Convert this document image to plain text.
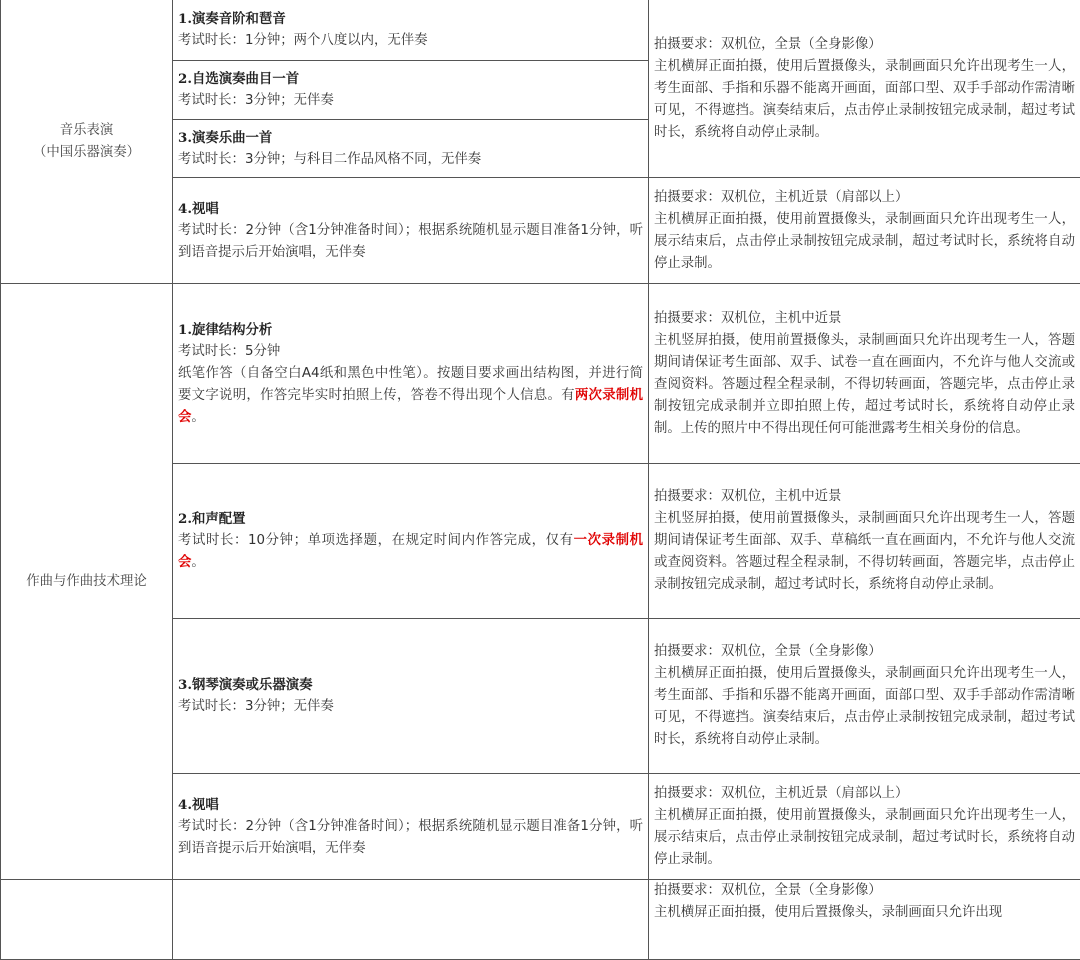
音乐表演
（中国乐器演奏）	1.演奏音阶和琶音
考试时长：1分钟；两个八度以内，无伴奏	拍摄要求：双机位，全景（全身影像）
主机横屏正面拍摄，使用后置摄像头，录制画面只允许出现考生一人，考生面部、手指和乐器不能离开画面，面部口型、双手手部动作需清晰可见，不得遮挡。演奏结束后，点击停止录制按钮完成录制，超过考试时长，系统将自动停止录制。

	2.自选演奏曲目一首
考试时长：3分钟；无伴奏	

	3.演奏乐曲一首
考试时长：3分钟；与科目二作品风格不同，无伴奏	

	4.视唱
考试时长：2分钟（含1分钟准备时间）；根据系统随机显示题目准备1分钟，听到语音提示后开始演唱，无伴奏	拍摄要求：双机位，主机近景（肩部以上）
主机横屏正面拍摄，使用前置摄像头，录制画面只允许出现考生一人，展示结束后，点击停止录制按钮完成录制，超过考试时长，系统将自动停止录制。

作曲与作曲技术理论	1.旋律结构分析
考试时长：5分钟
纸笔作答（自备空白A4纸和黑色中性笔）。按题目要求画出结构图，并进行简要文字说明，作答完毕实时拍照上传，答卷不得出现个人信息。有两次录制机会。	拍摄要求：双机位，主机中近景
主机竖屏拍摄，使用前置摄像头，录制画面只允许出现考生一人，答题期间请保证考生面部、双手、试卷一直在画面内，不允许与他人交流或查阅资料。答题过程全程录制，不得切转画面，答题完毕，点击停止录制按钮完成录制并立即拍照上传，超过考试时长，系统将自动停止录制。上传的照片中不得出现任何可能泄露考生相关身份的信息。

	2.和声配置
考试时长：10分钟；单项选择题，在规定时间内作答完成，仅有一次录制机会。	拍摄要求：双机位，主机中近景
主机竖屏拍摄，使用前置摄像头，录制画面只允许出现考生一人，答题期间请保证考生面部、双手、草稿纸一直在画面内，不允许与他人交流或查阅资料。答题过程全程录制，不得切转画面，答题完毕，点击停止录制按钮完成录制，超过考试时长，系统将自动停止录制。

	3.钢琴演奏或乐器演奏
考试时长：3分钟；无伴奏	拍摄要求：双机位，全景（全身影像）
主机横屏正面拍摄，使用后置摄像头，录制画面只允许出现考生一人，考生面部、手指和乐器不能离开画面，面部口型、双手手部动作需清晰可见，不得遮挡。演奏结束后，点击停止录制按钮完成录制，超过考试时长，系统将自动停止录制。

	4.视唱
考试时长：2分钟（含1分钟准备时间）；根据系统随机显示题目准备1分钟，听到语音提示后开始演唱，无伴奏	拍摄要求：双机位，主机近景（肩部以上）
主机横屏正面拍摄，使用前置摄像头，录制画面只允许出现考生一人，展示结束后，点击停止录制按钮完成录制，超过考试时长，系统将自动停止录制。

		拍摄要求：双机位，全景（全身影像）
主机横屏正面拍摄，使用后置摄像头，录制画面只允许出现
